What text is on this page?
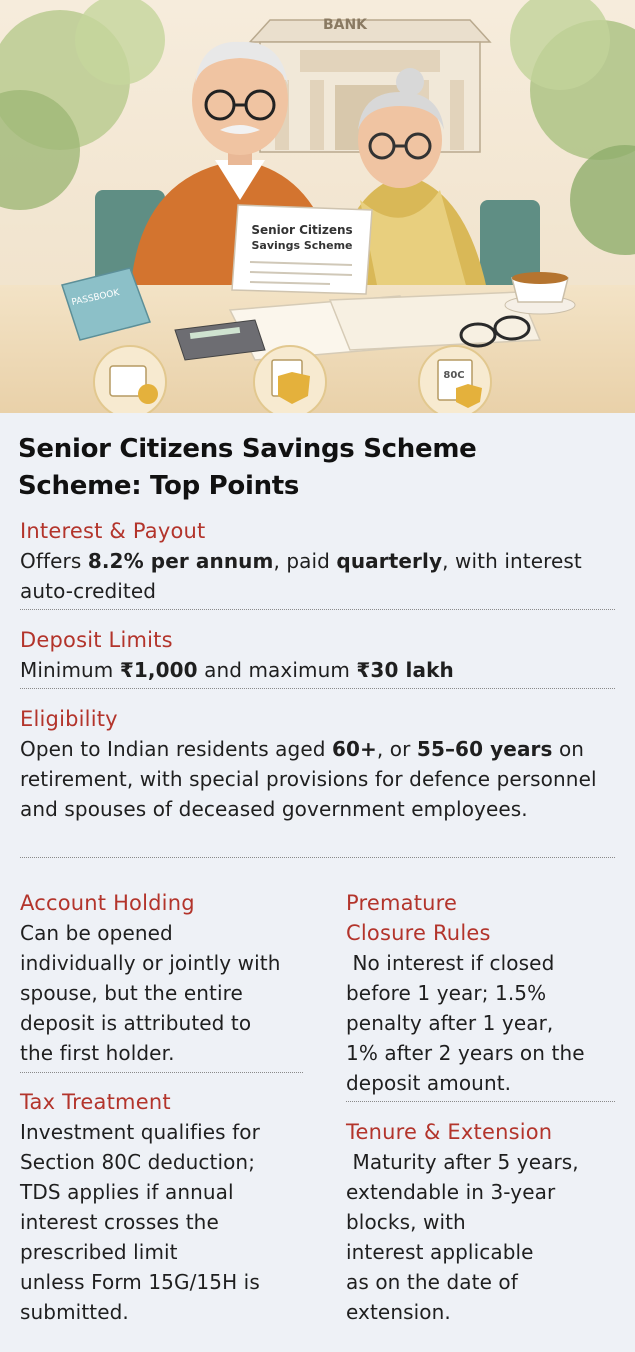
BANK
Senior Citizens
Savings Scheme
PASSBOOK
80C
Senior Citizens Savings Scheme
Scheme: Top Points
Interest & Payout

Offers 8.2% per annum, paid quarterly, with interest auto-credited

Deposit Limits

Minimum ₹1,000 and maximum ₹30 lakh

Eligibility

Open to Indian residents aged 60+, or 55–60 years on retirement, with special provisions for defence personnel and spouses of deceased government employees.

Account Holding

Can be opened

individually or jointly with

spouse, but the entire

deposit is attributed to

the first holder.

Tax Treatment

Investment qualifies for

Section 80C deduction;

TDS applies if annual

interest crosses the

prescribed limit

unless Form 15G/15H is

submitted.

Premature
Closure Rules

No interest if closed

before 1 year; 1.5%

penalty after 1 year,

1% after 2 years on the

deposit amount.

Tenure & Extension

Maturity after 5 years,

extendable in 3-year

blocks, with

interest applicable

as on the date of

extension.
